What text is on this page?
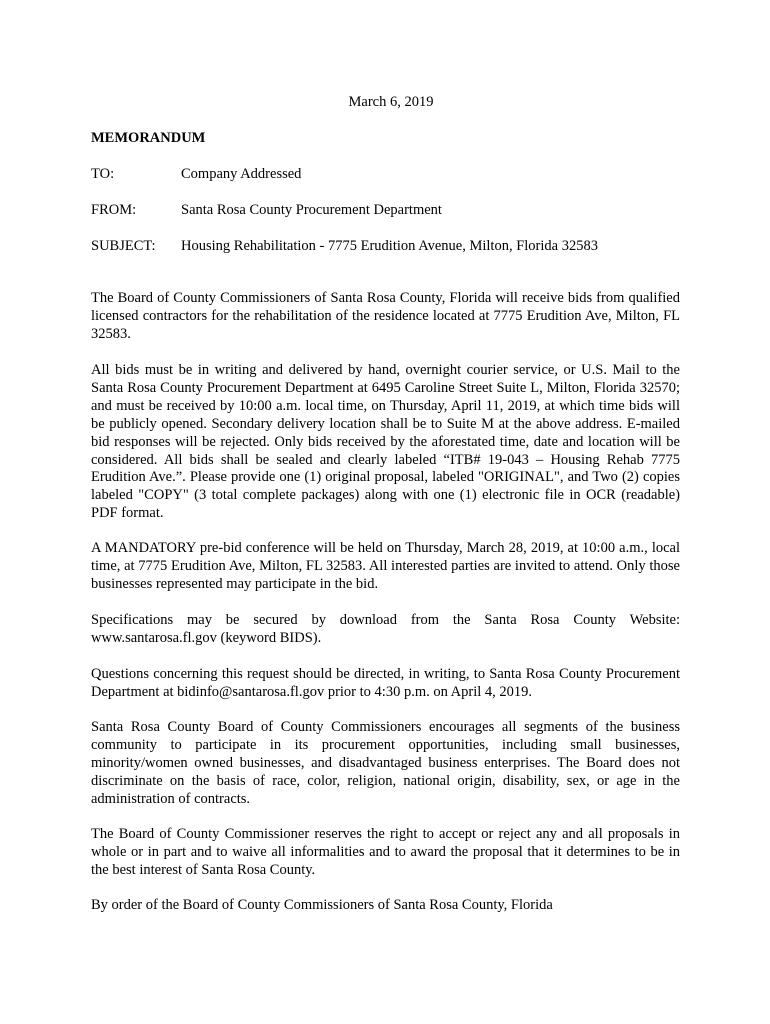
March 6, 2019
MEMORANDUM
TO:	Company Addressed
FROM:	Santa Rosa County Procurement Department
SUBJECT: Housing Rehabilitation - 7775 Erudition Avenue, Milton, Florida 32583

The Board of County Commissioners of Santa Rosa County, Florida will receive bids from qualified licensed contractors for the rehabilitation of the residence located at 7775 Erudition Ave, Milton, FL 32583.

All bids must be in writing and delivered by hand, overnight courier service, or U.S. Mail to the Santa Rosa County Procurement Department at 6495 Caroline Street Suite L, Milton, Florida 32570; and must be received by 10:00 a.m. local time, on Thursday, April 11, 2019, at which time bids will be publicly opened. Secondary delivery location shall be to Suite M at the above address. E-mailed bid responses will be rejected. Only bids received by the aforestated time, date and location will be considered. All bids shall be sealed and clearly labeled “ITB# 19-043 – Housing Rehab 7775 Erudition Ave.”. Please provide one (1) original proposal, labeled "ORIGINAL", and Two (2) copies labeled "COPY" (3 total complete packages) along with one (1) electronic file in OCR (readable) PDF format.

A MANDATORY pre-bid conference will be held on Thursday, March 28, 2019, at 10:00 a.m., local time, at 7775 Erudition Ave, Milton, FL 32583. All interested parties are invited to attend. Only those businesses represented may participate in the bid.

Specifications may be secured by download from the Santa Rosa County Website: www.santarosa.fl.gov (keyword BIDS).

Questions concerning this request should be directed, in writing, to Santa Rosa County Procurement Department at bidinfo@santarosa.fl.gov prior to 4:30 p.m. on April 4, 2019.

Santa Rosa County Board of County Commissioners encourages all segments of the business community to participate in its procurement opportunities, including small businesses, minority/women owned businesses, and disadvantaged business enterprises. The Board does not discriminate on the basis of race, color, religion, national origin, disability, sex, or age in the administration of contracts.

The Board of County Commissioner reserves the right to accept or reject any and all proposals in whole or in part and to waive all informalities and to award the proposal that it determines to be in the best interest of Santa Rosa County.

By order of the Board of County Commissioners of Santa Rosa County, Florida
